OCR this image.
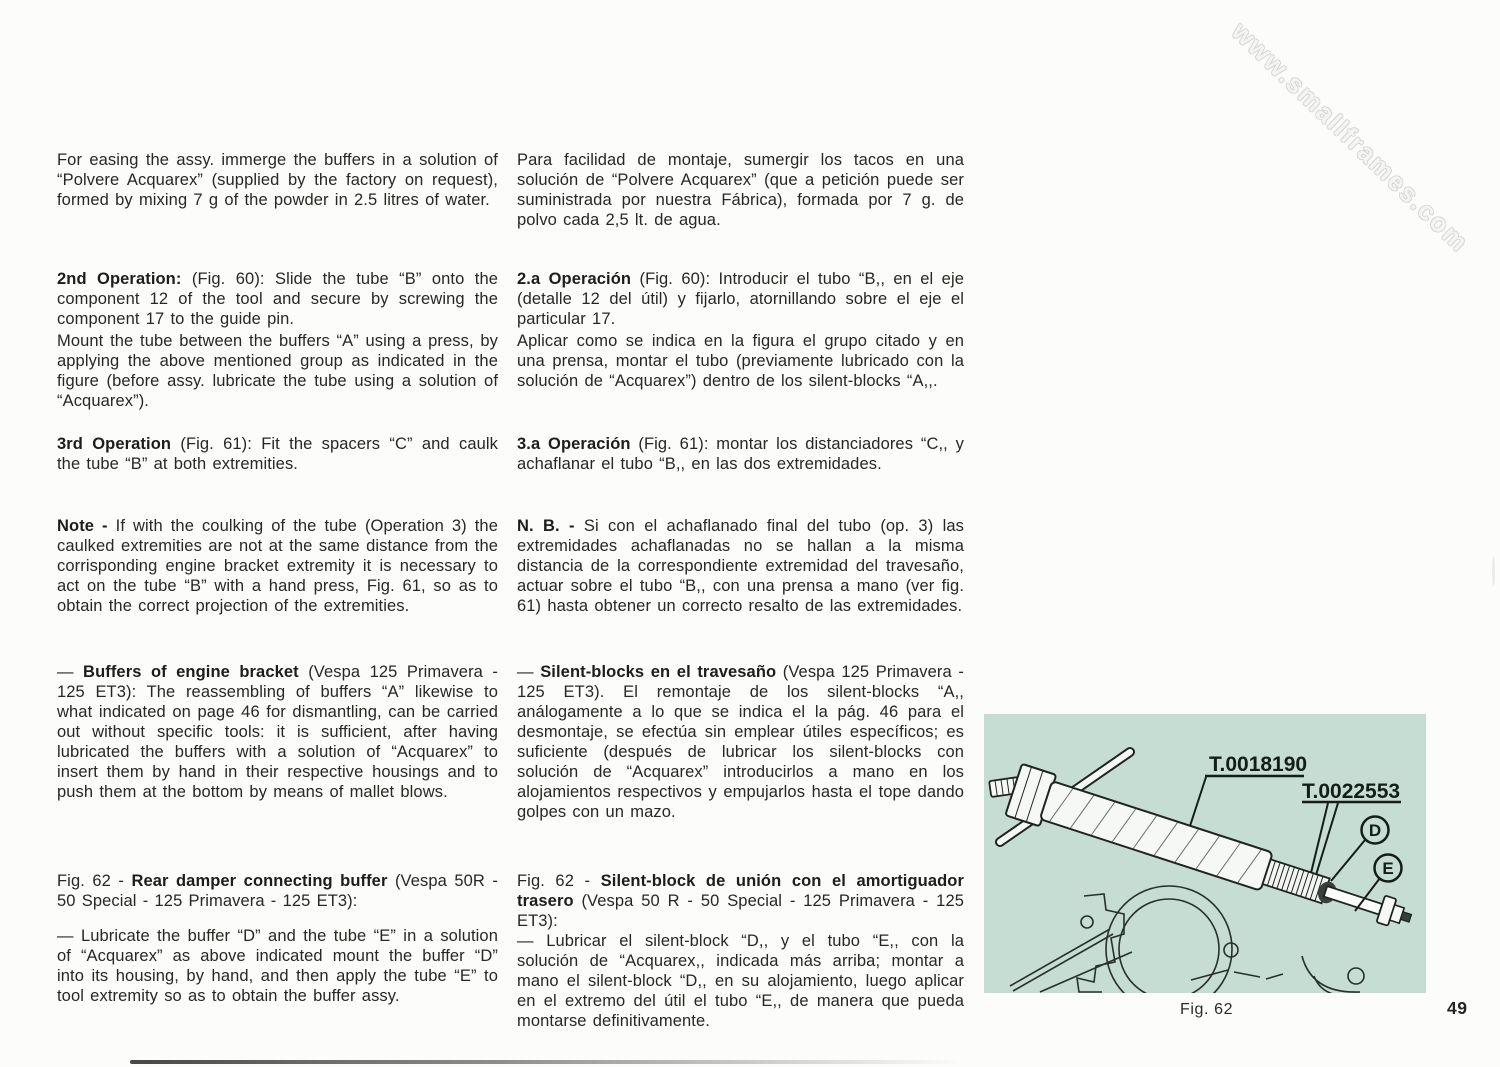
www.smallframes.com

For easing the assy. immerge the buffers in a solution of “Polvere Acquarex” (supplied by the factory on request), formed by mixing 7 g of the powder in 2.5 litres of water.

2nd Operation: (Fig. 60): Slide the tube “B” onto the component 12 of the tool and secure by screwing the component 17 to the guide pin.

Mount the tube between the buffers “A” using a press, by applying the above mentioned group as indicated in the figure (before assy. lubricate the tube using a solution of “Acquarex”).

3rd Operation (Fig. 61): Fit the spacers “C” and caulk the tube “B” at both extremities.

Note - If with the coulking of the tube (Operation 3) the caulked extremities are not at the same distance from the corrisponding engine bracket extremity it is necessary to act on the tube “B” with a hand press, Fig. 61, so as to obtain the correct projection of the extremities.

— Buffers of engine bracket (Vespa 125 Primavera - 125 ET3): The reassembling of buffers “A” likewise to what indicated on page 46 for dismantling, can be carried out without specific tools: it is sufficient, after having lubricated the buffers with a solution of “Acquarex” to insert them by hand in their respective housings and to push them at the bottom by means of mallet blows.

Fig. 62 - Rear damper connecting buffer (Vespa 50R - 50 Special - 125 Primavera - 125 ET3):

— Lubricate the buffer “D” and the tube “E” in a solution of “Acquarex” as above indicated mount the buffer “D” into its housing, by hand, and then apply the tube “E” to tool extremity so as to obtain the buffer assy.

Para facilidad de montaje, sumergir los tacos en una solución de “Polvere Acquarex” (que a petición puede ser suministrada por nuestra Fábrica), formada por 7 g. de polvo cada 2,5 lt. de agua.

2.a Operación (Fig. 60): Introducir el tubo “B,, en el eje (detalle 12 del útil) y fijarlo, atornillando sobre el eje el particular 17.

Aplicar como se indica en la figura el grupo citado y en una prensa, montar el tubo (previamente lubricado con la solución de “Acquarex”) dentro de los silent-blocks “A,,.

3.a Operación (Fig. 61): montar los distanciadores “C,, y achaflanar el tubo “B,, en las dos extremidades.

N. B. - Si con el achaflanado final del tubo (op. 3) las extremidades achaflanadas no se hallan a la misma distancia de la correspondiente extremidad del travesaño, actuar sobre el tubo “B,, con una prensa a mano (ver fig. 61) hasta obtener un correcto resalto de las extremidades.

— Silent-blocks en el travesaño (Vespa 125 Primavera - 125 ET3). El remontaje de los silent-blocks “A,, análogamente a lo que se indica el la pág. 46 para el desmontaje, se efectúa sin emplear útiles específicos; es suficiente (después de lubricar los silent-blocks con solución de “Acquarex” introducirlos a mano en los alojamientos respectivos y empujarlos hasta el tope dando golpes con un mazo.

Fig. 62 - Silent-block de unión con el amortiguador trasero (Vespa 50 R - 50 Special - 125 Primavera - 125 ET3):

— Lubricar el silent-block “D,, y el tubo “E,, con la solución de “Acquarex,, indicada más arriba; montar a mano el silent-block “D,, en su alojamiento, luego aplicar en el extremo del útil el tubo “E,, de manera que pueda montarse definitivamente.

T.0018190
T.0022553
D
E
Fig. 62	49
